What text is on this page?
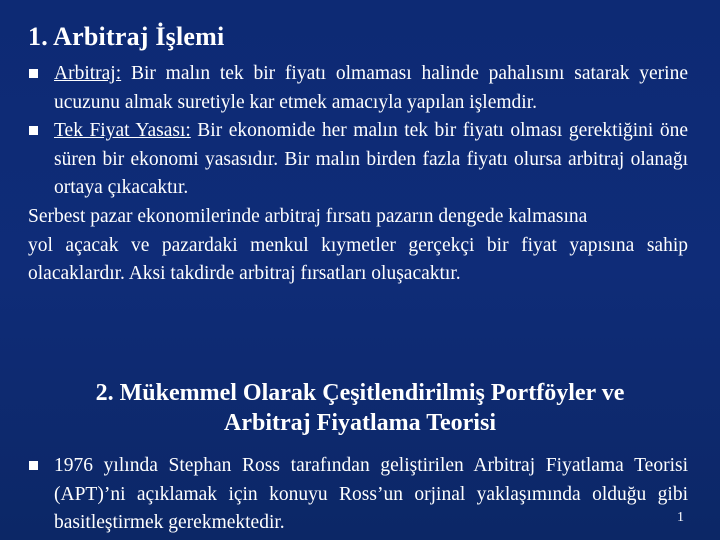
1. Arbitraj İşlemi
Arbitraj: Bir malın tek bir fiyatı olmaması halinde pahalısını satarak yerine ucuzunu almak suretiyle kar etmek amacıyla yapılan işlemdir.
Tek Fiyat Yasası: Bir ekonomide her malın tek bir fiyatı olması gerektiğini öne süren bir ekonomi yasasıdır. Bir malın birden fazla fiyatı olursa arbitraj olanağı ortaya çıkacaktır.
Serbest pazar ekonomilerinde arbitraj fırsatı pazarın dengede kalmasına
yol açacak ve pazardaki menkul kıymetler gerçekçi bir fiyat yapısına sahip olacaklardır. Aksi takdirde arbitraj fırsatları oluşacaktır.
2. Mükemmel Olarak Çeşitlendirilmiş Portföyler ve
Arbitraj Fiyatlama Teorisi
1976 yılında Stephan Ross tarafından geliştirilen Arbitraj Fiyatlama Teorisi (APT)’ni açıklamak için konuyu Ross’un orjinal yaklaşımında olduğu gibi basitleştirmek gerekmektedir.	1
